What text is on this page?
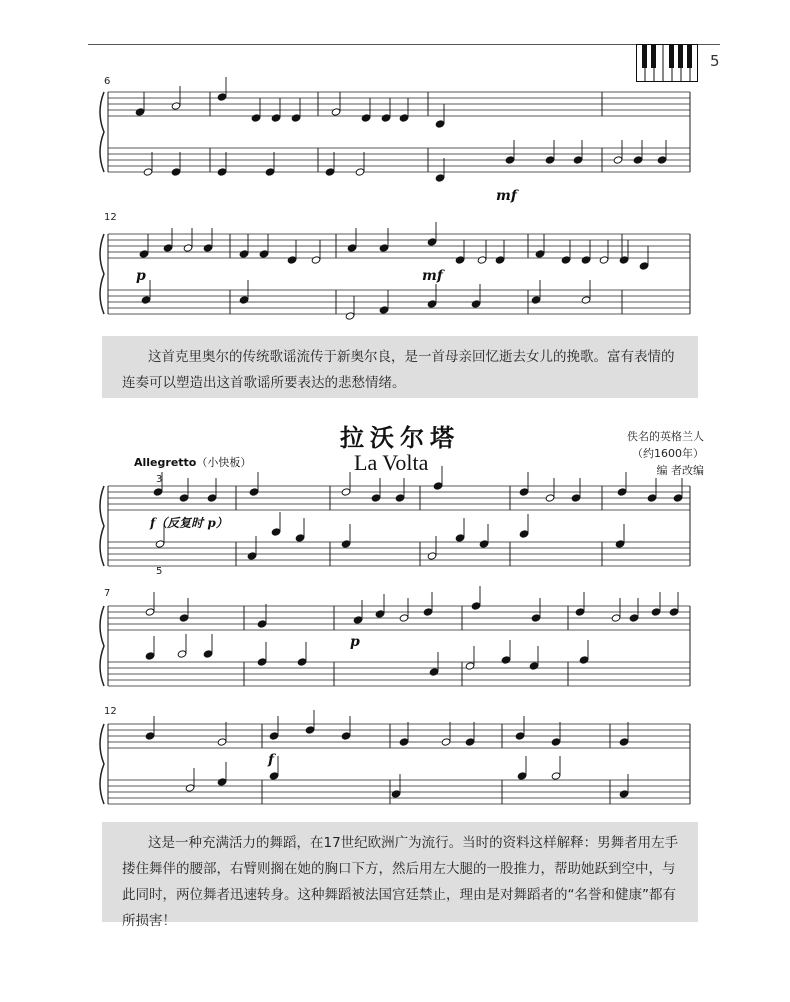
5
6
mf
12
p	mf

这首克里奥尔的传统歌谣流传于新奥尔良，是一首母亲回忆逝去女儿的挽歌。富有表情的连奏可以塑造出这首歌谣所要表达的悲愁情绪。

拉沃尔塔
La Volta
佚名的英格兰人
（约1600年）
编 者改编
Allegretto（小快板）
3
5
f（反复时 p）
7
p
12
f

这是一种充满活力的舞蹈，在17世纪欧洲广为流行。当时的资料这样解释：男舞者用左手搂住舞伴的腰部，右臂则搁在她的胸口下方，然后用左大腿的一股推力，帮助她跃到空中，与此同时，两位舞者迅速转身。这种舞蹈被法国宫廷禁止，理由是对舞蹈者的“名誉和健康”都有所损害！
